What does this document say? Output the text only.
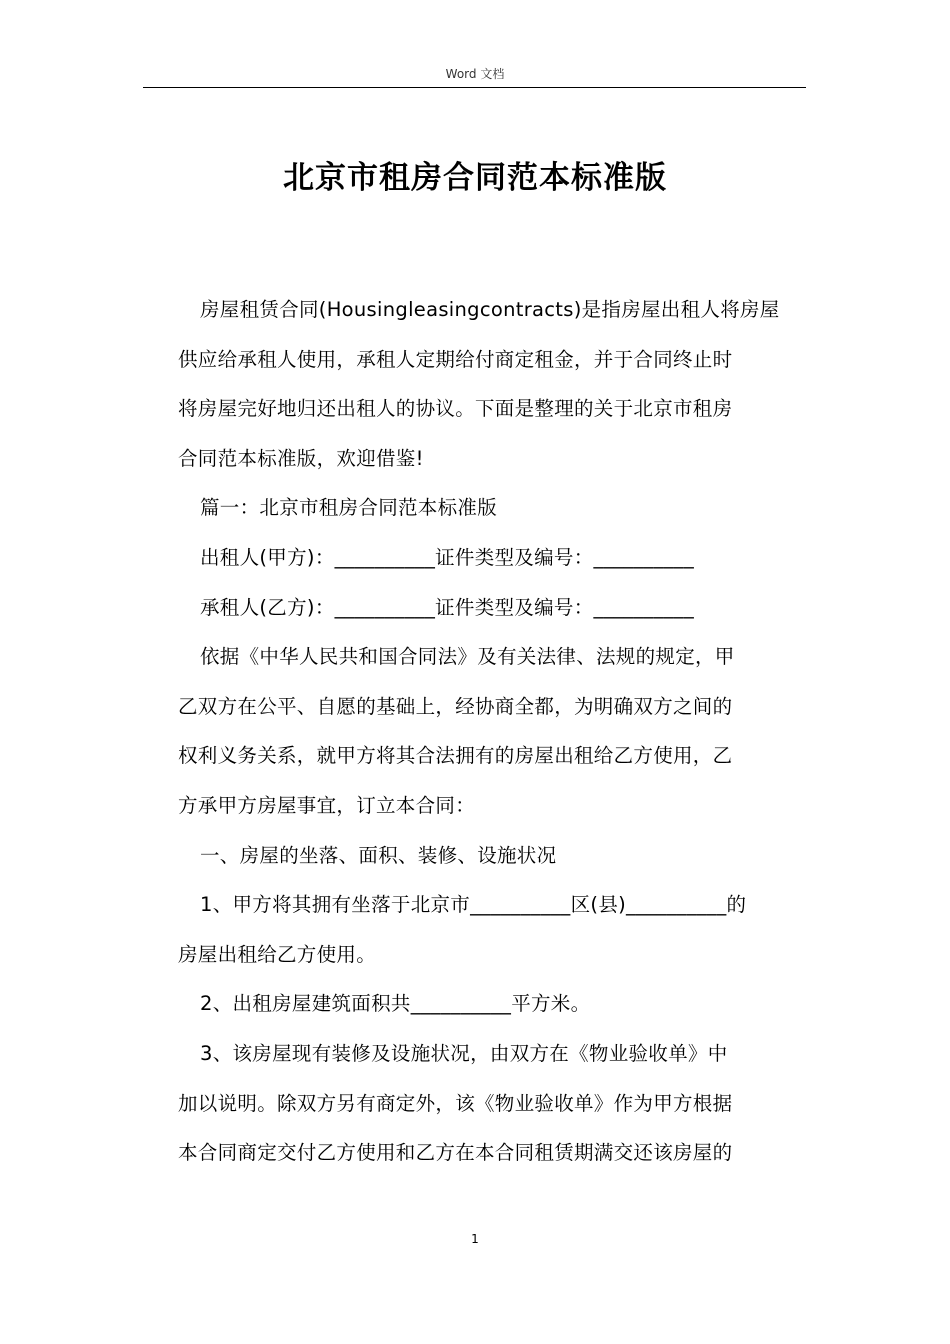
Word 文档
北京市租房合同范本标准版
房屋租赁合同(Housingleasingcontracts)是指房屋出租人将房屋
供应给承租人使用，承租人定期给付商定租金，并于合同终止时
将房屋完好地归还出租人的协议。下面是整理的关于北京市租房
合同范本标准版，欢迎借鉴!
篇一：北京市租房合同范本标准版
出租人(甲方)：__________证件类型及编号：__________
承租人(乙方)：__________证件类型及编号：__________
依据《中华人民共和国合同法》及有关法律、法规的规定，甲
乙双方在公平、自愿的基础上，经协商全都，为明确双方之间的
权利义务关系，就甲方将其合法拥有的房屋出租给乙方使用，乙
方承甲方房屋事宜，订立本合同：
一、房屋的坐落、面积、装修、设施状况
1、甲方将其拥有坐落于北京市__________区(县)__________的
房屋出租给乙方使用。
2、出租房屋建筑面积共__________平方米。
3、该房屋现有装修及设施状况，由双方在《物业验收单》中
加以说明。除双方另有商定外，该《物业验收单》作为甲方根据
本合同商定交付乙方使用和乙方在本合同租赁期满交还该房屋的
1
